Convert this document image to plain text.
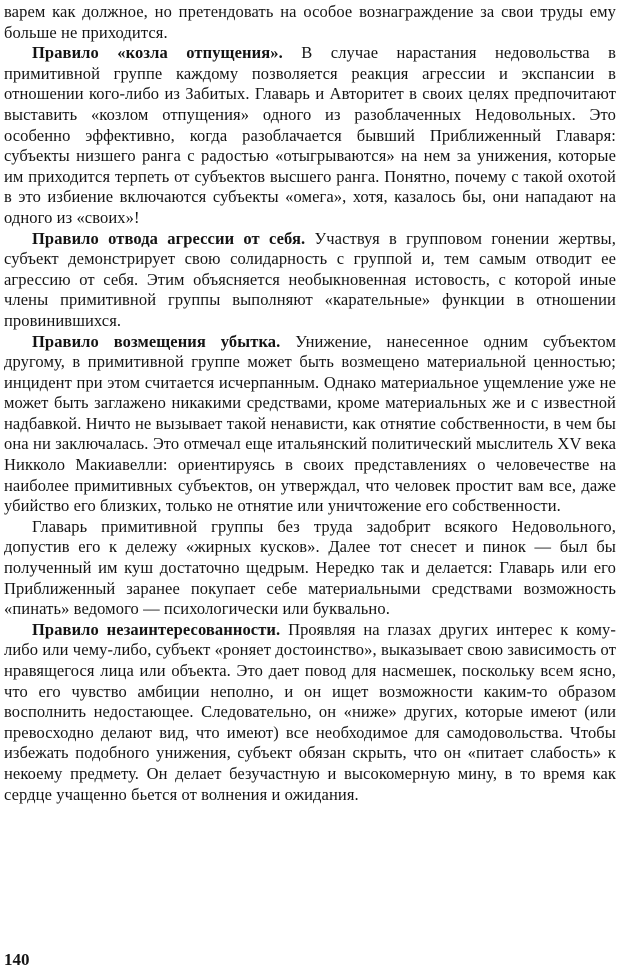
варем как должное, но претендовать на особое вознаграждение за свои труды ему больше не приходится.

Правило «козла отпущения». В случае нарастания недовольства в примитивной группе каждому позволяется реакция агрессии и экспансии в отношении кого-либо из Забитых. Главарь и Авторитет в своих целях предпочитают выставить «козлом отпущения» одного из разоблаченных Недовольных. Это особенно эффективно, когда разоблачается бывший Приближенный Главаря: субъекты низшего ранга с радостью «отыгрываются» на нем за унижения, которые им приходится терпеть от субъектов высшего ранга. Понятно, почему с такой охотой в это избиение включаются субъекты «омега», хотя, казалось бы, они нападают на одного из «своих»!

Правило отвода агрессии от себя. Участвуя в групповом гонении жертвы, субъект демонстрирует свою солидарность с группой и, тем самым отводит ее агрессию от себя. Этим объясняется необыкновенная истовость, с которой иные члены примитивной группы выполняют «карательные» функции в отношении провинившихся.

Правило возмещения убытка. Унижение, нанесенное одним субъектом другому, в примитивной группе может быть возмещено материальной ценностью; инцидент при этом считается исчерпанным. Однако материальное ущемление уже не может быть заглажено никакими средствами, кроме материальных же и с известной надбавкой. Ничто не вызывает такой ненависти, как отнятие собственности, в чем бы она ни заключалась. Это отмечал еще итальянский политический мыслитель XV века Никколо Макиавелли: ориентируясь в своих представлениях о человечестве на наиболее примитивных субъектов, он утверждал, что человек простит вам все, даже убийство его близких, только не отнятие или уничтожение его собственности.

Главарь примитивной группы без труда задобрит всякого Недовольного, допустив его к дележу «жирных кусков». Далее тот снесет и пинок — был бы полученный им куш достаточно щедрым. Нередко так и делается: Главарь или его Приближенный заранее покупает себе материальными средствами возможность «пинать» ведомого — психологически или буквально.

Правило незаинтересованности. Проявляя на глазах других интерес к кому-либо или чему-либо, субъект «роняет достоинство», выказывает свою зависимость от нравящегося лица или объекта. Это дает повод для насмешек, поскольку всем ясно, что его чувство амбиции неполно, и он ищет возможности каким-то образом восполнить недостающее. Следовательно, он «ниже» других, которые имеют (или превосходно делают вид, что имеют) все необходимое для самодовольства. Чтобы избежать подобного унижения, субъект обязан скрыть, что он «питает слабость» к некоему предмету. Он делает безучастную и высокомерную мину, в то время как сердце учащенно бьется от волнения и ожидания.

140
